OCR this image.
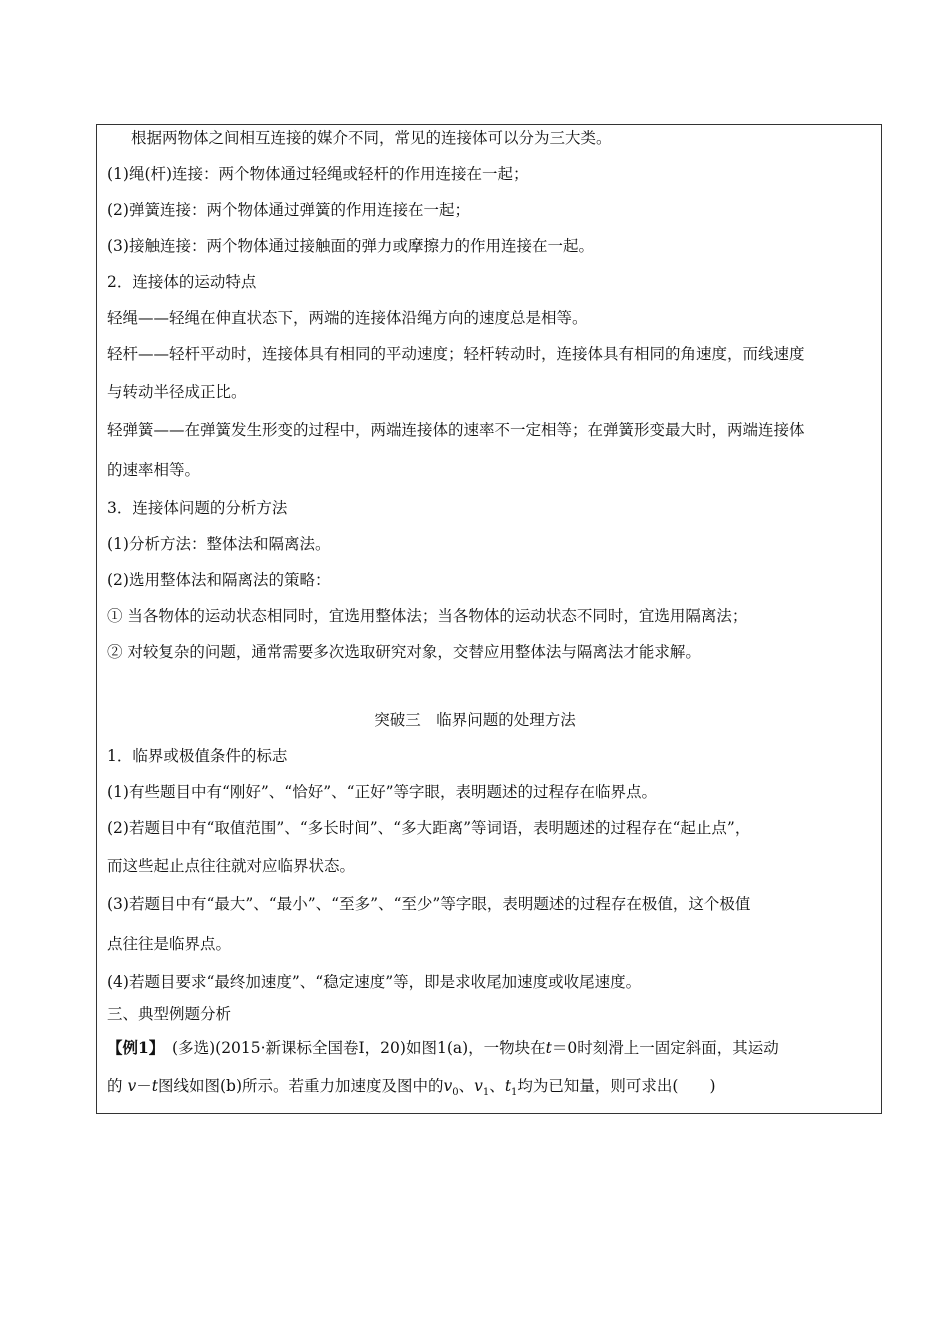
根据两物体之间相互连接的媒介不同，常见的连接体可以分为三大类。
(1)绳(杆)连接：两个物体通过轻绳或轻杆的作用连接在一起；
(2)弹簧连接：两个物体通过弹簧的作用连接在一起；
(3)接触连接：两个物体通过接触面的弹力或摩擦力的作用连接在一起。
2．连接体的运动特点
轻绳——轻绳在伸直状态下，两端的连接体沿绳方向的速度总是相等。
轻杆——轻杆平动时，连接体具有相同的平动速度；轻杆转动时，连接体具有相同的角速度，而线速度
与转动半径成正比。
轻弹簧——在弹簧发生形变的过程中，两端连接体的速率不一定相等；在弹簧形变最大时，两端连接体
的速率相等。
3．连接体问题的分析方法
(1)分析方法：整体法和隔离法。
(2)选用整体法和隔离法的策略：
① 当各物体的运动状态相同时，宜选用整体法；当各物体的运动状态不同时，宜选用隔离法；
② 对较复杂的问题，通常需要多次选取研究对象，交替应用整体法与隔离法才能求解。
突破三　临界问题的处理方法
1．临界或极值条件的标志
(1)有些题目中有“刚好”、“恰好”、“正好”等字眼，表明题述的过程存在临界点。
(2)若题目中有“取值范围”、“多长时间”、“多大距离”等词语，表明题述的过程存在“起止点”，
而这些起止点往往就对应临界状态。
(3)若题目中有“最大”、“最小”、“至多”、“至少”等字眼，表明题述的过程存在极值，这个极值
点往往是临界点。
(4)若题目要求“最终加速度”、“稳定速度”等，即是求收尾加速度或收尾速度。
三、典型例题分析
【例1】　(多选)(2015·新课标全国卷Ⅰ，20)如图1(a)，一物块在t＝0时刻滑上一固定斜面，其运动
的 v－t图线如图(b)所示。若重力加速度及图中的$v_0$、$v_1$、$t_1$均为已知量，则可求出(　　)
